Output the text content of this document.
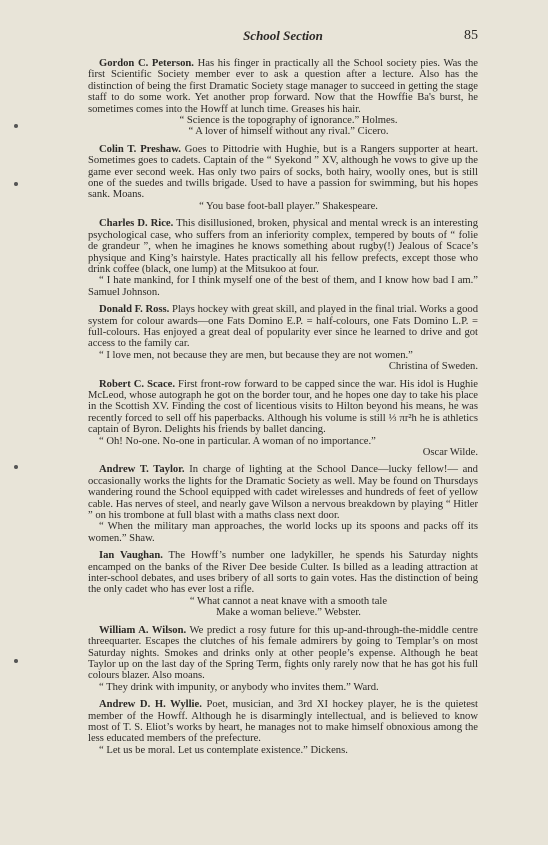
School Section	85

Gordon C. Peterson. Has his finger in practically all the School society pies. Was the first Scientific Society member ever to ask a question after a lecture. Also has the distinction of being the first Dramatic Society stage manager to succeed in getting the stage staff to do some work. Yet another prop forward. Now that the Howffie Ba's burst, he sometimes comes into the Howff at lunch time. Greases his hair.

“ Science is the topography of ignorance.” Holmes.

“ A lover of himself without any rival.” Cicero.

Colin T. Preshaw. Goes to Pittodrie with Hughie, but is a Rangers supporter at heart. Sometimes goes to cadets. Captain of the “ Syekond ” XV, although he vows to give up the game ever second week. Has only two pairs of socks, both hairy, woolly ones, but is still one of the suedes and twills brigade. Used to have a passion for swimming, but his hopes sank. Moans.

“ You base foot-ball player.” Shakespeare.

Charles D. Rice. This disillusioned, broken, physical and mental wreck is an interesting psychological case, who suffers from an inferiority complex, tempered by bouts of “ folie de grandeur ”, when he imagines he knows something about rugby(!) Jealous of Scace’s physique and King’s hairstyle. Hates practically all his fellow prefects, except those who drink coffee (black, one lump) at the Mitsukoo at four.

“ I hate mankind, for I think myself one of the best of them, and I know how bad I am.” Samuel Johnson.

Donald F. Ross. Plays hockey with great skill, and played in the final trial. Works a good system for colour awards—one Fats Domino E.P. = half-colours, one Fats Domino L.P. = full-colours. Has enjoyed a great deal of popularity ever since he learned to drive and got access to the family car.

“ I love men, not because they are men, but because they are not women.”

Christina of Sweden.

Robert C. Scace. First front-row forward to be capped since the war. His idol is Hughie McLeod, whose autograph he got on the border tour, and he hopes one day to take his place in the Scottish XV. Finding the cost of licentious visits to Hilton beyond his means, he was recently forced to sell off his paperbacks. Although his volume is still ⅓ πr²h he is athletics captain of Byron. Delights his friends by ballet dancing.

“ Oh! No-one. No-one in particular. A woman of no importance.”

Oscar Wilde.

Andrew T. Taylor. In charge of lighting at the School Dance—lucky fellow!— and occasionally works the lights for the Dramatic Society as well. May be found on Thursdays wandering round the School equipped with cadet wirelesses and hundreds of feet of yellow cable. Has nerves of steel, and nearly gave Wilson a nervous breakdown by playing “ Hitler ” on his trombone at full blast with a maths class next door.

“ When the military man approaches, the world locks up its spoons and packs off its women.” Shaw.

Ian Vaughan. The Howff’s number one ladykiller, he spends his Saturday nights encamped on the banks of the River Dee beside Culter. Is billed as a leading attraction at inter-school debates, and uses bribery of all sorts to gain votes. Has the distinction of being the only cadet who has ever lost a rifle.

“ What cannot a neat knave with a smooth tale

Make a woman believe.” Webster.

William A. Wilson. We predict a rosy future for this up-and-through-the-middle centre threequarter. Escapes the clutches of his female admirers by going to Templar’s on most Saturday nights. Smokes and drinks only at other people’s expense. Although he beat Taylor up on the last day of the Spring Term, fights only rarely now that he has got his full colours blazer. Also moans.

“ They drink with impunity, or anybody who invites them.” Ward.

Andrew D. H. Wyllie. Poet, musician, and 3rd XI hockey player, he is the quietest member of the Howff. Although he is disarmingly intellectual, and is believed to know most of T. S. Eliot’s works by heart, he manages not to make himself obnoxious among the less educated members of the prefecture.

“ Let us be moral. Let us contemplate existence.” Dickens.
